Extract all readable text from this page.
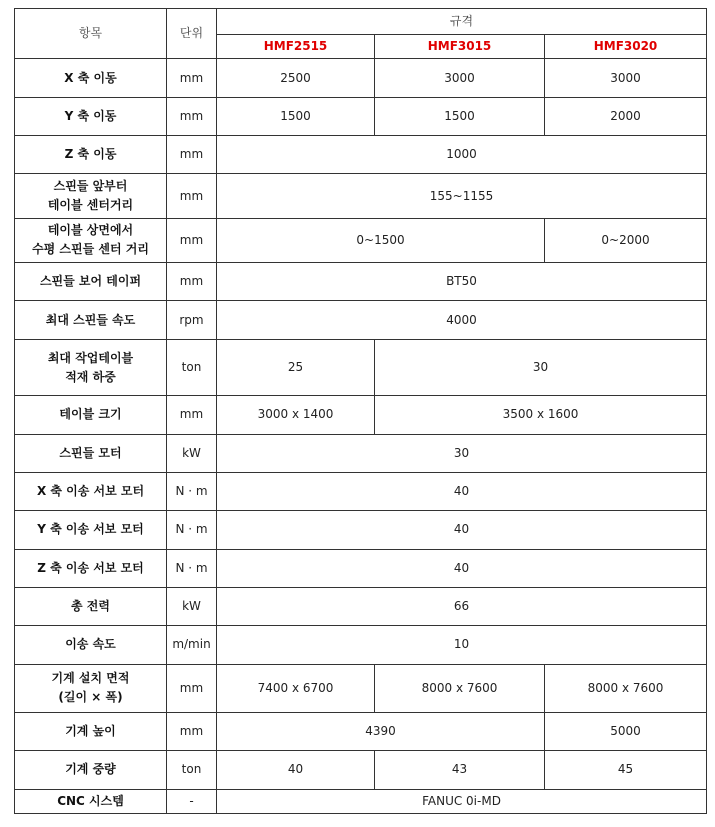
항목	단위	규격		
		HMF2515	HMF3015	HMF3020

X 축 이동	mm	2500	3000	3000

Y 축 이동	mm	1500	1500	2000

Z 축 이동	mm	1000		

스핀들 앞부터
테이블 센터거리	mm	155~1155		

테이블 상면에서
수평 스핀들 센터 거리	mm	0~1500		0~2000

스핀들 보어 테이퍼	mm	BT50		

최대 스핀들 속도	rpm	4000		

최대 작업테이블
적재 하중	ton	25	30	

테이블 크기	mm	3000 x 1400	3500 x 1600	

스핀들 모터	kW	30		

X 축 이송 서보 모터	N · m	40		

Y 축 이송 서보 모터	N · m	40		

Z 축 이송 서보 모터	N · m	40		

총 전력	kW	66		

이송 속도	m/min	10		

기계 설치 면적
(길이 × 폭)	mm	7400 x 6700	8000 x 7600	8000 x 7600

기계 높이	mm	4390		5000

기계 중량	ton	40	43	45

CNC 시스템	-	FANUC 0i-MD		
